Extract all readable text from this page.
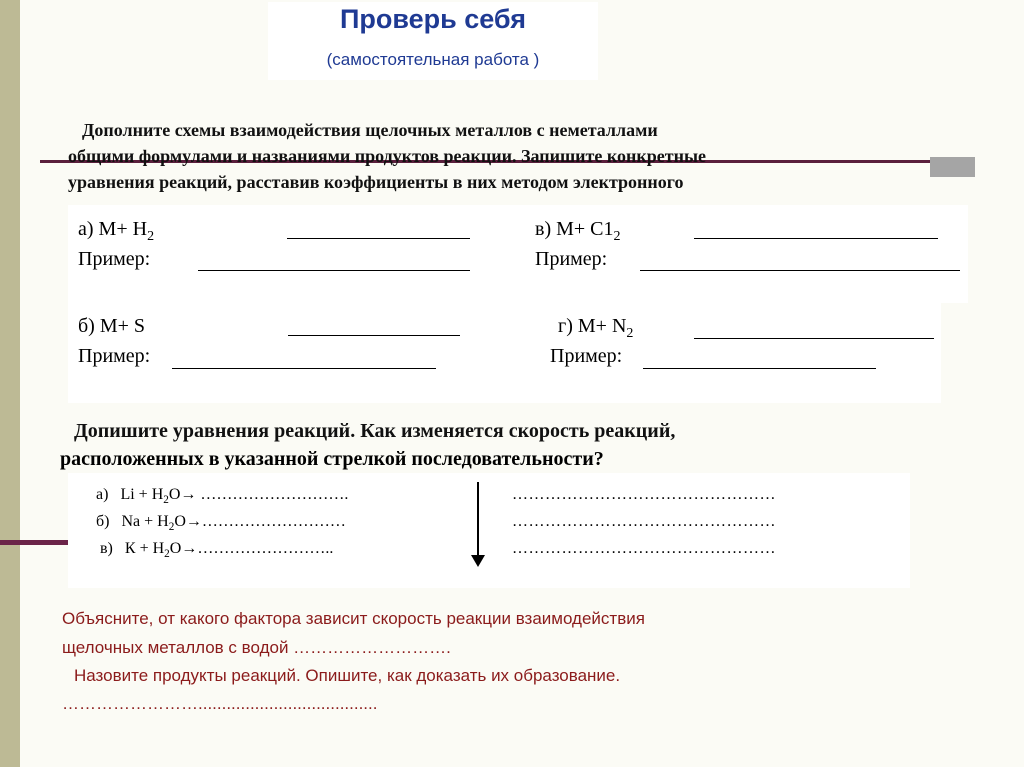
Проверь себя
(самостоятельная работа )
Дополните схемы взаимодействия щелочных металлов с неметаллами
общими формулами и названиями продуктов реакции. Запишите конкретные
уравнения реакций, расставив коэффициенты в них методом электронного
а) $М+ Н_2$
Пример:
в) $М+ С1_2$
Пример:
б) М+ S
Пример:
г) $М+ N_2$
Пример:
Допишите уравнения реакций. Как изменяется скорость реакций,
расположенных в указанной стрелкой последовательности?
а) $Li + H_2O\to$ ……………………….	…………………………………………
б) $Na + H_2O\to\dots\dots\dots\dots\dots\dots\dots\dots\dots$	…………………………………………
в) $К + H_2O\to\dots\dots\dots\dots\dots\dots\dots\dots$..	…………………………………………
Объясните, от какого фактора зависит скорость реакции взаимодействия
щелочных металлов с водой ……………………….
Назовите продукты реакций. Опишите, как доказать их образование.
……………………......................................
